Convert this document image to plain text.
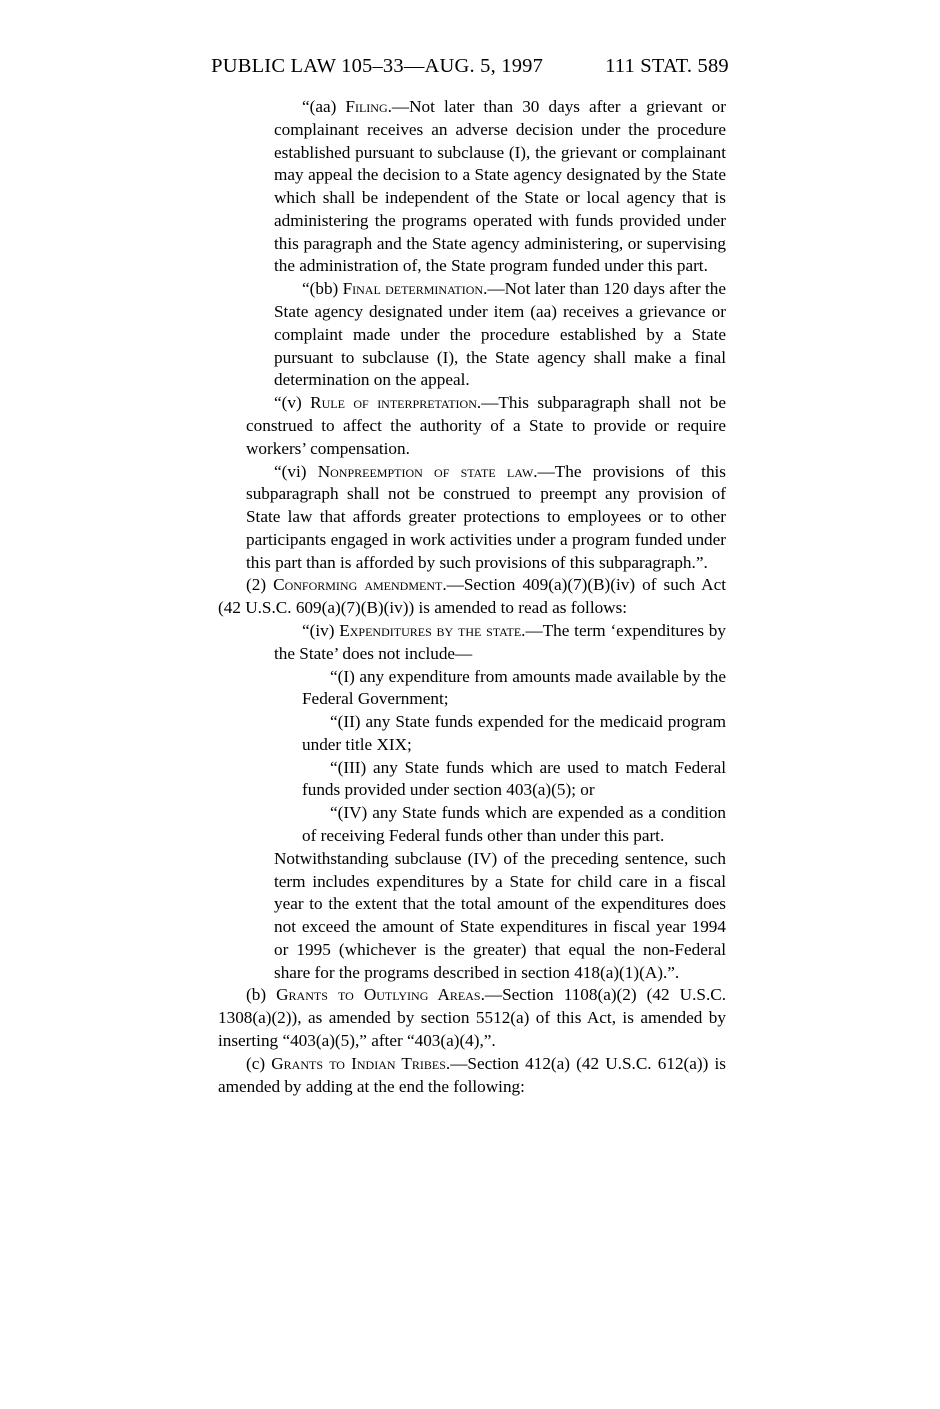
PUBLIC LAW 105–33—AUG. 5, 1997	111 STAT. 589

“(aa) Filing.—Not later than 30 days after a grievant or complainant receives an adverse decision under the procedure established pursuant to subclause (I), the grievant or complainant may appeal the decision to a State agency designated by the State which shall be independent of the State or local agency that is administering the programs operated with funds provided under this paragraph and the State agency administering, or supervising the administration of, the State program funded under this part.

“(bb) Final determination.—Not later than 120 days after the State agency designated under item (aa) receives a grievance or complaint made under the procedure established by a State pursuant to subclause (I), the State agency shall make a final determination on the appeal.

“(v) Rule of interpretation.—This subparagraph shall not be construed to affect the authority of a State to provide or require workers’ compensation.

“(vi) Nonpreemption of state law.—The provisions of this subparagraph shall not be construed to preempt any provision of State law that affords greater protections to employees or to other participants engaged in work activities under a program funded under this part than is afforded by such provisions of this subparagraph.”.

(2) Conforming amendment.—Section 409(a)(7)(B)(iv) of such Act (42 U.S.C. 609(a)(7)(B)(iv)) is amended to read as follows:

“(iv) Expenditures by the state.—The term ‘expenditures by the State’ does not include—

“(I) any expenditure from amounts made available by the Federal Government;

“(II) any State funds expended for the medicaid program under title XIX;

“(III) any State funds which are used to match Federal funds provided under section 403(a)(5); or

“(IV) any State funds which are expended as a condition of receiving Federal funds other than under this part.

Notwithstanding subclause (IV) of the preceding sentence, such term includes expenditures by a State for child care in a fiscal year to the extent that the total amount of the expenditures does not exceed the amount of State expenditures in fiscal year 1994 or 1995 (whichever is the greater) that equal the non-Federal share for the programs described in section 418(a)(1)(A).”.

(b) Grants to Outlying Areas.—Section 1108(a)(2) (42 U.S.C. 1308(a)(2)), as amended by section 5512(a) of this Act, is amended by inserting “403(a)(5),” after “403(a)(4),”.

(c) Grants to Indian Tribes.—Section 412(a) (42 U.S.C. 612(a)) is amended by adding at the end the following:
